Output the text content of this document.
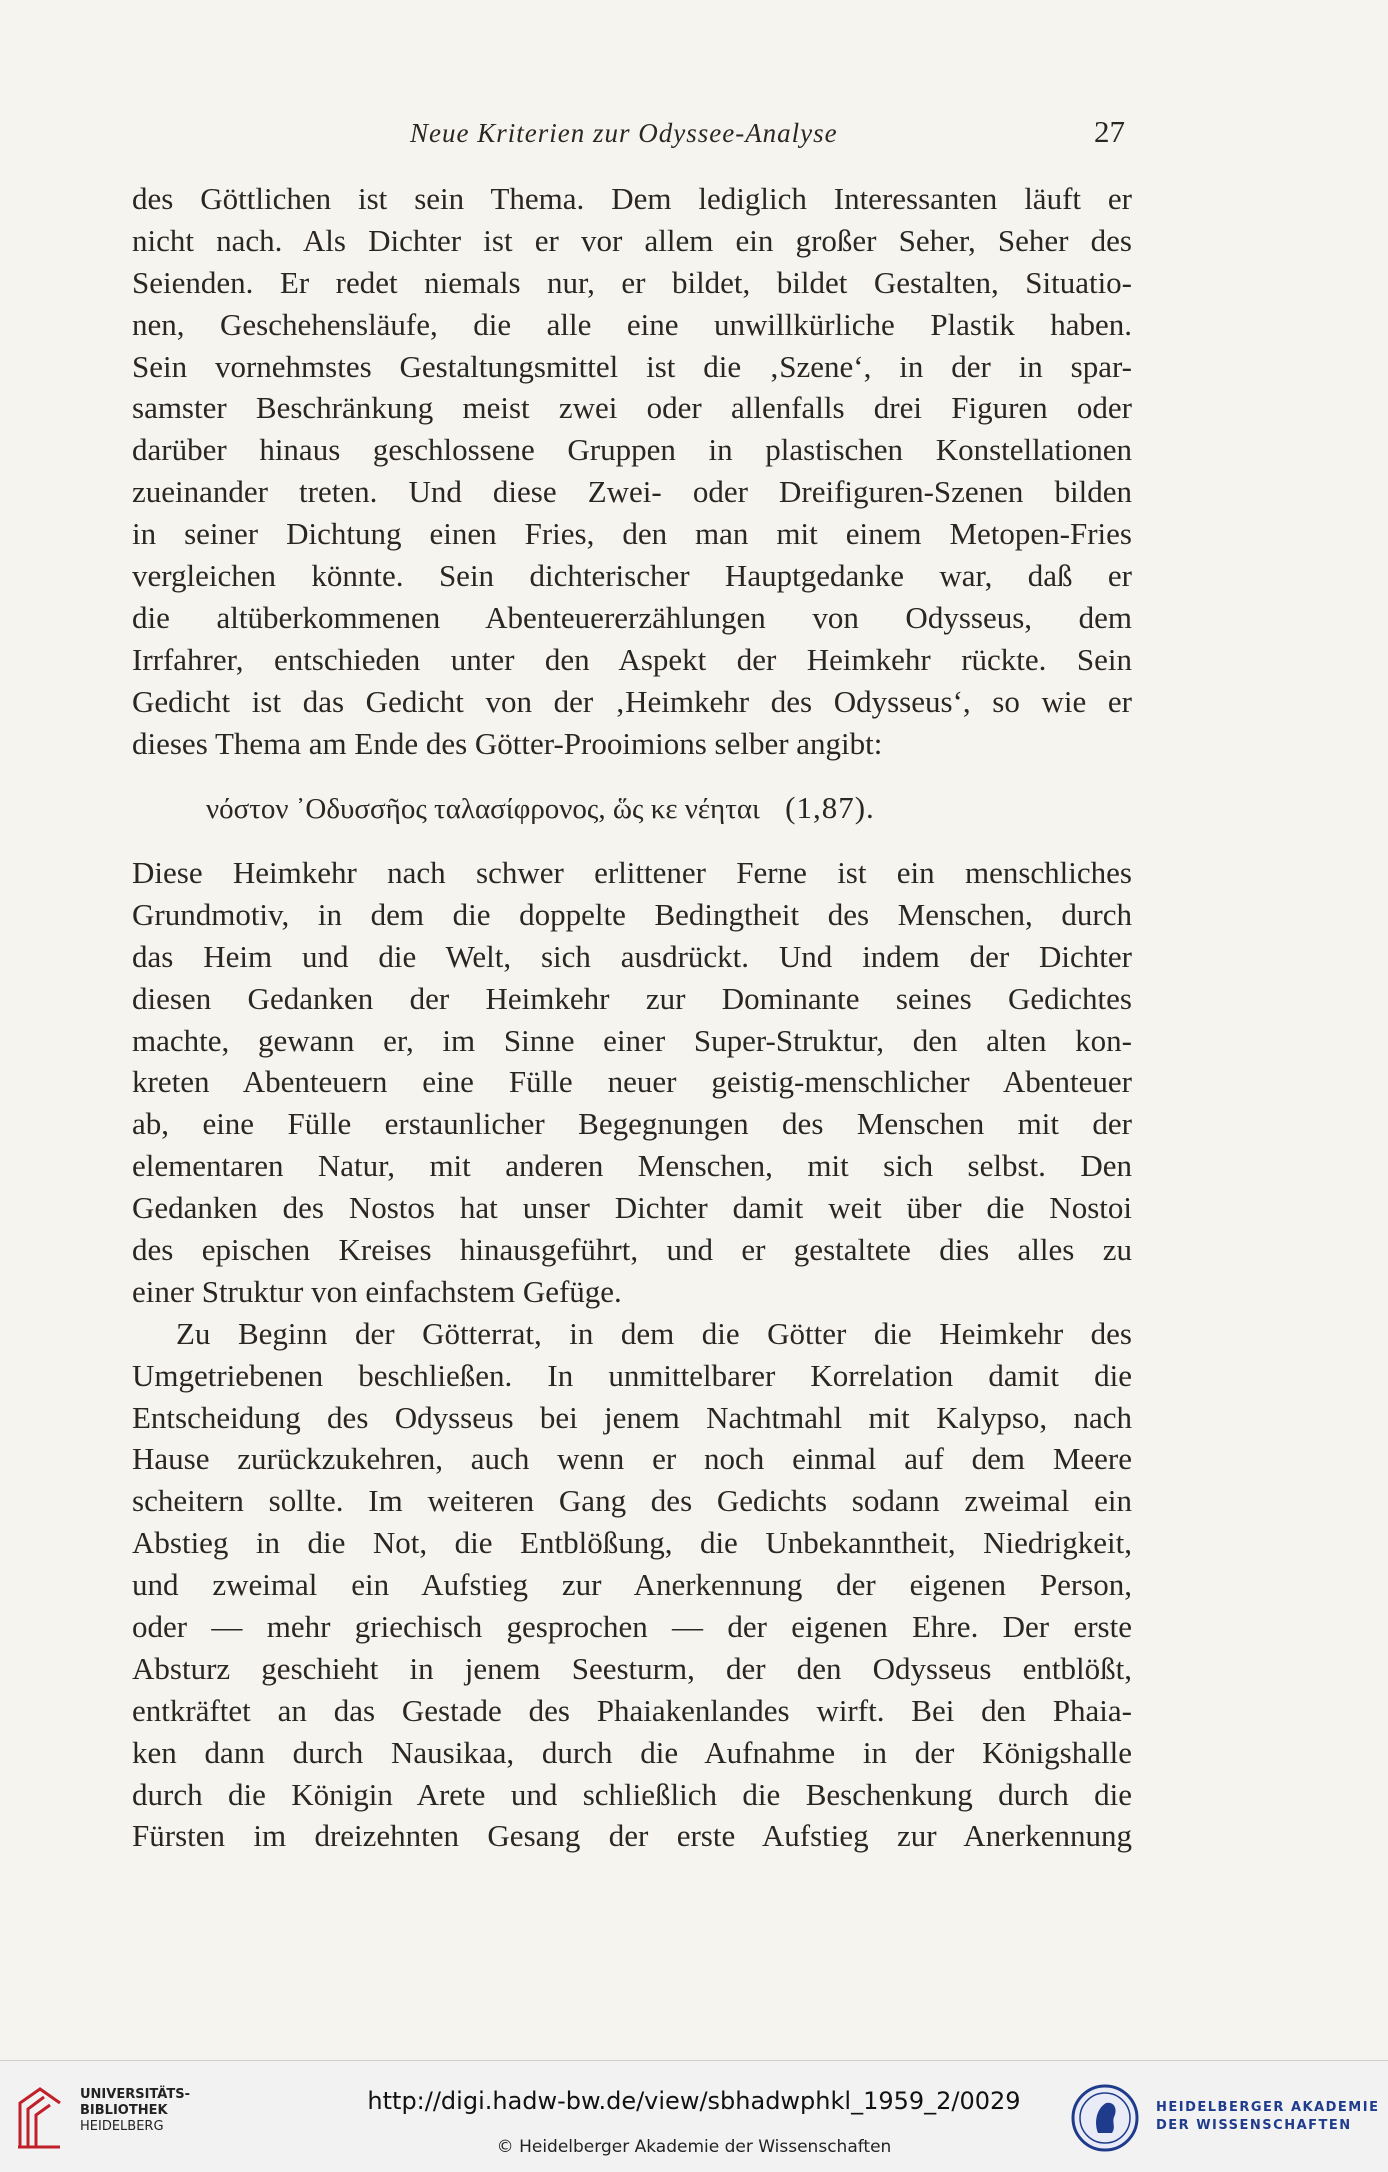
Neue Kriterien zur Odyssee-Analyse	27
des Göttlichen ist sein Thema. Dem lediglich Interessanten läuft er
nicht nach. Als Dichter ist er vor allem ein großer Seher, Seher des
Seienden. Er redet niemals nur, er bildet, bildet Gestalten, Situatio-
nen, Geschehensläufe, die alle eine unwillkürliche Plastik haben.
Sein vornehmstes Gestaltungsmittel ist die ‚Szene‘, in der in spar-
samster Beschränkung meist zwei oder allenfalls drei Figuren oder
darüber hinaus geschlossene Gruppen in plastischen Konstellationen
zueinander treten. Und diese Zwei- oder Dreifiguren-Szenen bilden
in seiner Dichtung einen Fries, den man mit einem Metopen-Fries
vergleichen könnte. Sein dichterischer Hauptgedanke war, daß er
die altüberkommenen Abenteuererzählungen von Odysseus, dem
Irrfahrer, entschieden unter den Aspekt der Heimkehr rückte. Sein
Gedicht ist das Gedicht von der ‚Heimkehr des Odysseus‘, so wie er
dieses Thema am Ende des Götter-Prooimions selber angibt:
νόστον ᾿Οδυσσῆος ταλασίφρονος, ὥς κε νέηται (1,87).
Diese Heimkehr nach schwer erlittener Ferne ist ein menschliches
Grundmotiv, in dem die doppelte Bedingtheit des Menschen, durch
das Heim und die Welt, sich ausdrückt. Und indem der Dichter
diesen Gedanken der Heimkehr zur Dominante seines Gedichtes
machte, gewann er, im Sinne einer Super-Struktur, den alten kon-
kreten Abenteuern eine Fülle neuer geistig-menschlicher Abenteuer
ab, eine Fülle erstaunlicher Begegnungen des Menschen mit der
elementaren Natur, mit anderen Menschen, mit sich selbst. Den
Gedanken des Nostos hat unser Dichter damit weit über die Nostoi
des epischen Kreises hinausgeführt, und er gestaltete dies alles zu
einer Struktur von einfachstem Gefüge.
Zu Beginn der Götterrat, in dem die Götter die Heimkehr des
Umgetriebenen beschließen. In unmittelbarer Korrelation damit die
Entscheidung des Odysseus bei jenem Nachtmahl mit Kalypso, nach
Hause zurückzukehren, auch wenn er noch einmal auf dem Meere
scheitern sollte. Im weiteren Gang des Gedichts sodann zweimal ein
Abstieg in die Not, die Entblößung, die Unbekanntheit, Niedrigkeit,
und zweimal ein Aufstieg zur Anerkennung der eigenen Person,
oder — mehr griechisch gesprochen — der eigenen Ehre. Der erste
Absturz geschieht in jenem Seesturm, der den Odysseus entblößt,
entkräftet an das Gestade des Phaiakenlandes wirft. Bei den Phaia-
ken dann durch Nausikaa, durch die Aufnahme in der Königshalle
durch die Königin Arete und schließlich die Beschenkung durch die
Fürsten im dreizehnten Gesang der erste Aufstieg zur Anerkennung
UNIVERSITÄTS-
BIBLIOTHEK
HEIDELBERG
http://digi.hadw-bw.de/view/sbhadwphkl_1959_2/0029
© Heidelberger Akademie der Wissenschaften
HEIDELBERGER AKADEMIE
DER WISSENSCHAFTEN
